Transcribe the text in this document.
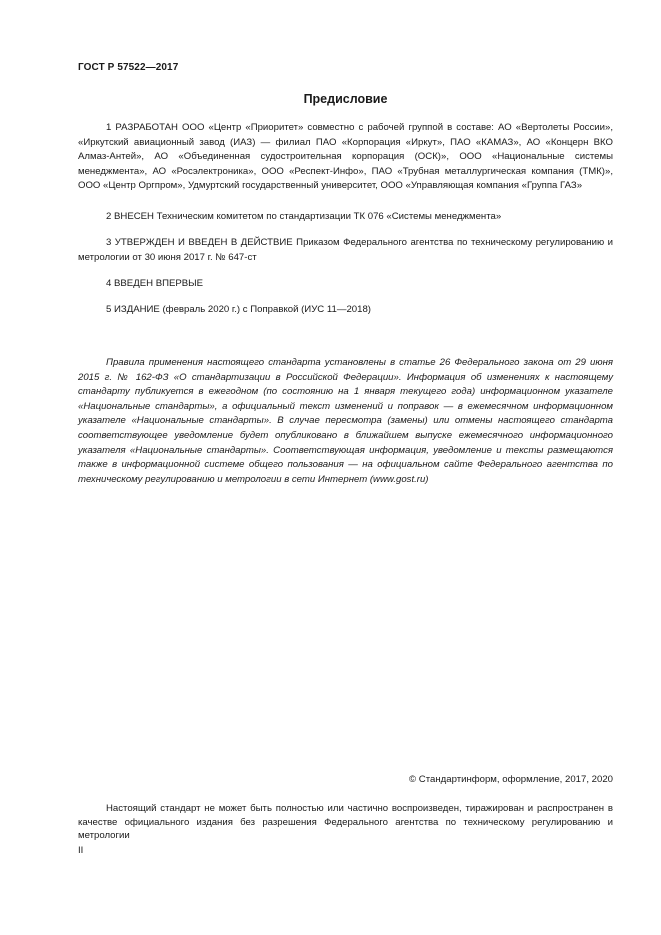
ГОСТ Р 57522—2017
Предисловие

1 РАЗРАБОТАН ООО «Центр «Приоритет» совместно с рабочей группой в составе: АО «Вертолеты России», «Иркутский авиационный завод (ИАЗ) — филиал ПАО «Корпорация «Иркут», ПАО «КАМАЗ», АО «Концерн ВКО Алмаз-Антей», АО «Объединенная судостроительная корпорация (ОСК)», ООО «Национальные системы менеджмента», АО «Росэлектроника», ООО «Респект-Инфо», ПАО «Трубная металлургическая компания (ТМК)», ООО «Центр Оргпром», Удмуртский государственный университет, ООО «Управляющая компания «Группа ГАЗ»

2 ВНЕСЕН Техническим комитетом по стандартизации ТК 076 «Системы менеджмента»

3 УТВЕРЖДЕН И ВВЕДЕН В ДЕЙСТВИЕ Приказом Федерального агентства по техническому регулированию и метрологии от 30 июня 2017 г. № 647-ст

4 ВВЕДЕН ВПЕРВЫЕ

5 ИЗДАНИЕ (февраль 2020 г.) с Поправкой (ИУС 11—2018)

Правила применения настоящего стандарта установлены в статье 26 Федерального закона от 29 июня 2015 г. № 162-ФЗ «О стандартизации в Российской Федерации». Информация об изменениях к настоящему стандарту публикуется в ежегодном (по состоянию на 1 января текущего года) информационном указателе «Национальные стандарты», а официальный текст изменений и поправок — в ежемесячном информационном указателе «Национальные стандарты». В случае пересмотра (замены) или отмены настоящего стандарта соответствующее уведомление будет опубликовано в ближайшем выпуске ежемесячного информационного указателя «Национальные стандарты». Соответствующая информация, уведомление и тексты размещаются также в информационной системе общего пользования — на официальном сайте Федерального агентства по техническому регулированию и метрологии в сети Интернет (www.gost.ru)

© Стандартинформ, оформление, 2017, 2020

Настоящий стандарт не может быть полностью или частично воспроизведен, тиражирован и распространен в качестве официального издания без разрешения Федерального агентства по техническому регулированию и метрологии

II
